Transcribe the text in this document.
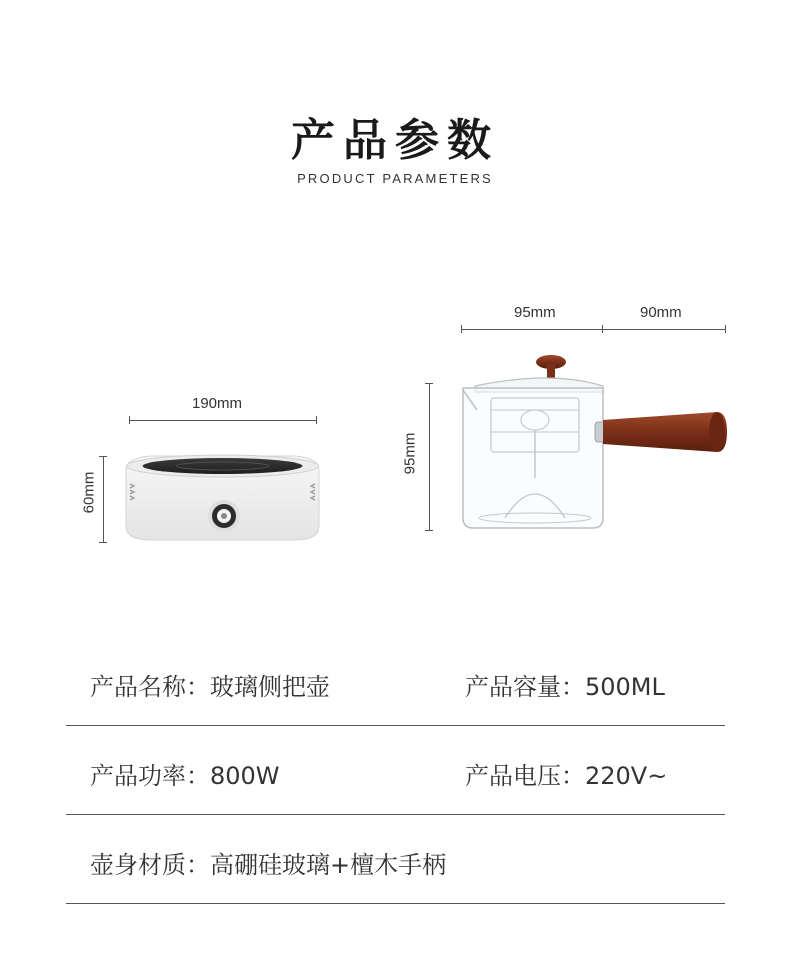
产品参数
PRODUCT PARAMETERS
190mm
60mm
95mm	90mm
95mm
产品名称：玻璃侧把壶	产品容量：500ML
产品功率：800W	产品电压：220V~
壶身材质：高硼硅玻璃+檀木手柄
